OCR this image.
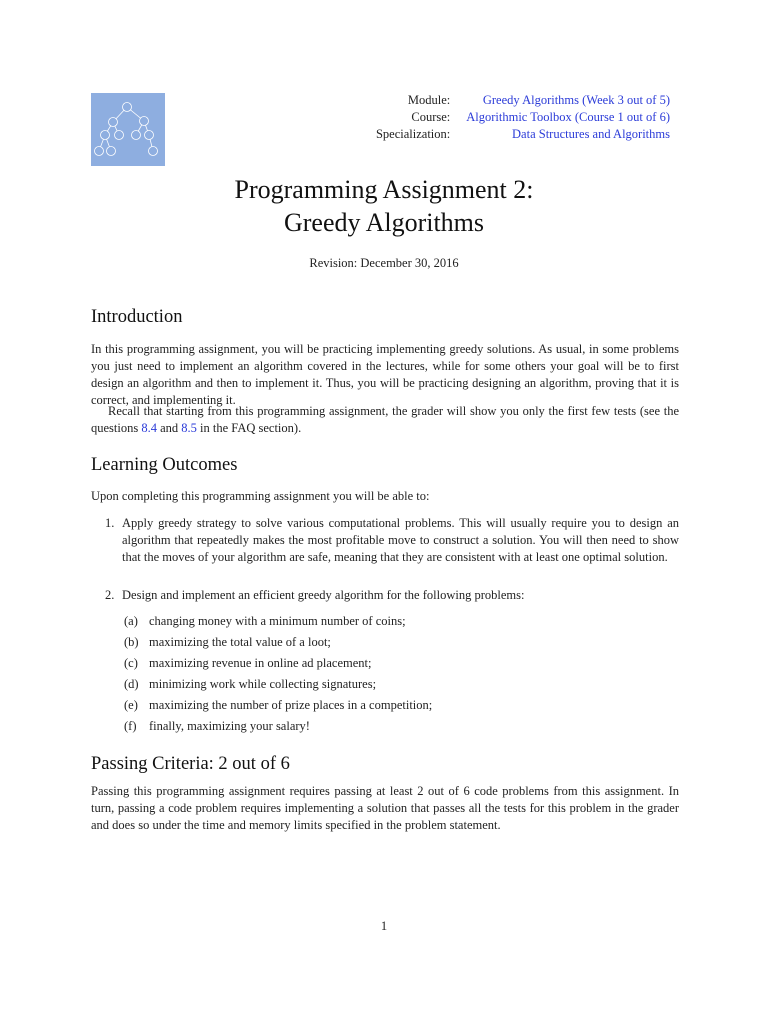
Module:	Greedy Algorithms (Week 3 out of 5)
Course:	Algorithmic Toolbox (Course 1 out of 6)
Specialization:	Data Structures and Algorithms
Programming Assignment 2:
Greedy Algorithms
Revision: December 30, 2016
Introduction

In this programming assignment, you will be practicing implementing greedy solutions. As usual, in some problems you just need to implement an algorithm covered in the lectures, while for some others your goal will be to first design an algorithm and then to implement it. Thus, you will be practicing designing an algorithm, proving that it is correct, and implementing it.

Recall that starting from this programming assignment, the grader will show you only the first few tests (see the questions 8.4 and 8.5 in the FAQ section).

Learning Outcomes

Upon completing this programming assignment you will be able to:

1. Apply greedy strategy to solve various computational problems. This will usually require you to design an algorithm that repeatedly makes the most profitable move to construct a solution. You will then need to show that the moves of your algorithm are safe, meaning that they are consistent with at least one optimal solution.
2. Design and implement an efficient greedy algorithm for the following problems:
(a) changing money with a minimum number of coins;
(b) maximizing the total value of a loot;
(c) maximizing revenue in online ad placement;
(d) minimizing work while collecting signatures;
(e) maximizing the number of prize places in a competition;
(f) finally, maximizing your salary!
Passing Criteria: 2 out of 6

Passing this programming assignment requires passing at least 2 out of 6 code problems from this assignment. In turn, passing a code problem requires implementing a solution that passes all the tests for this problem in the grader and does so under the time and memory limits specified in the problem statement.

1
